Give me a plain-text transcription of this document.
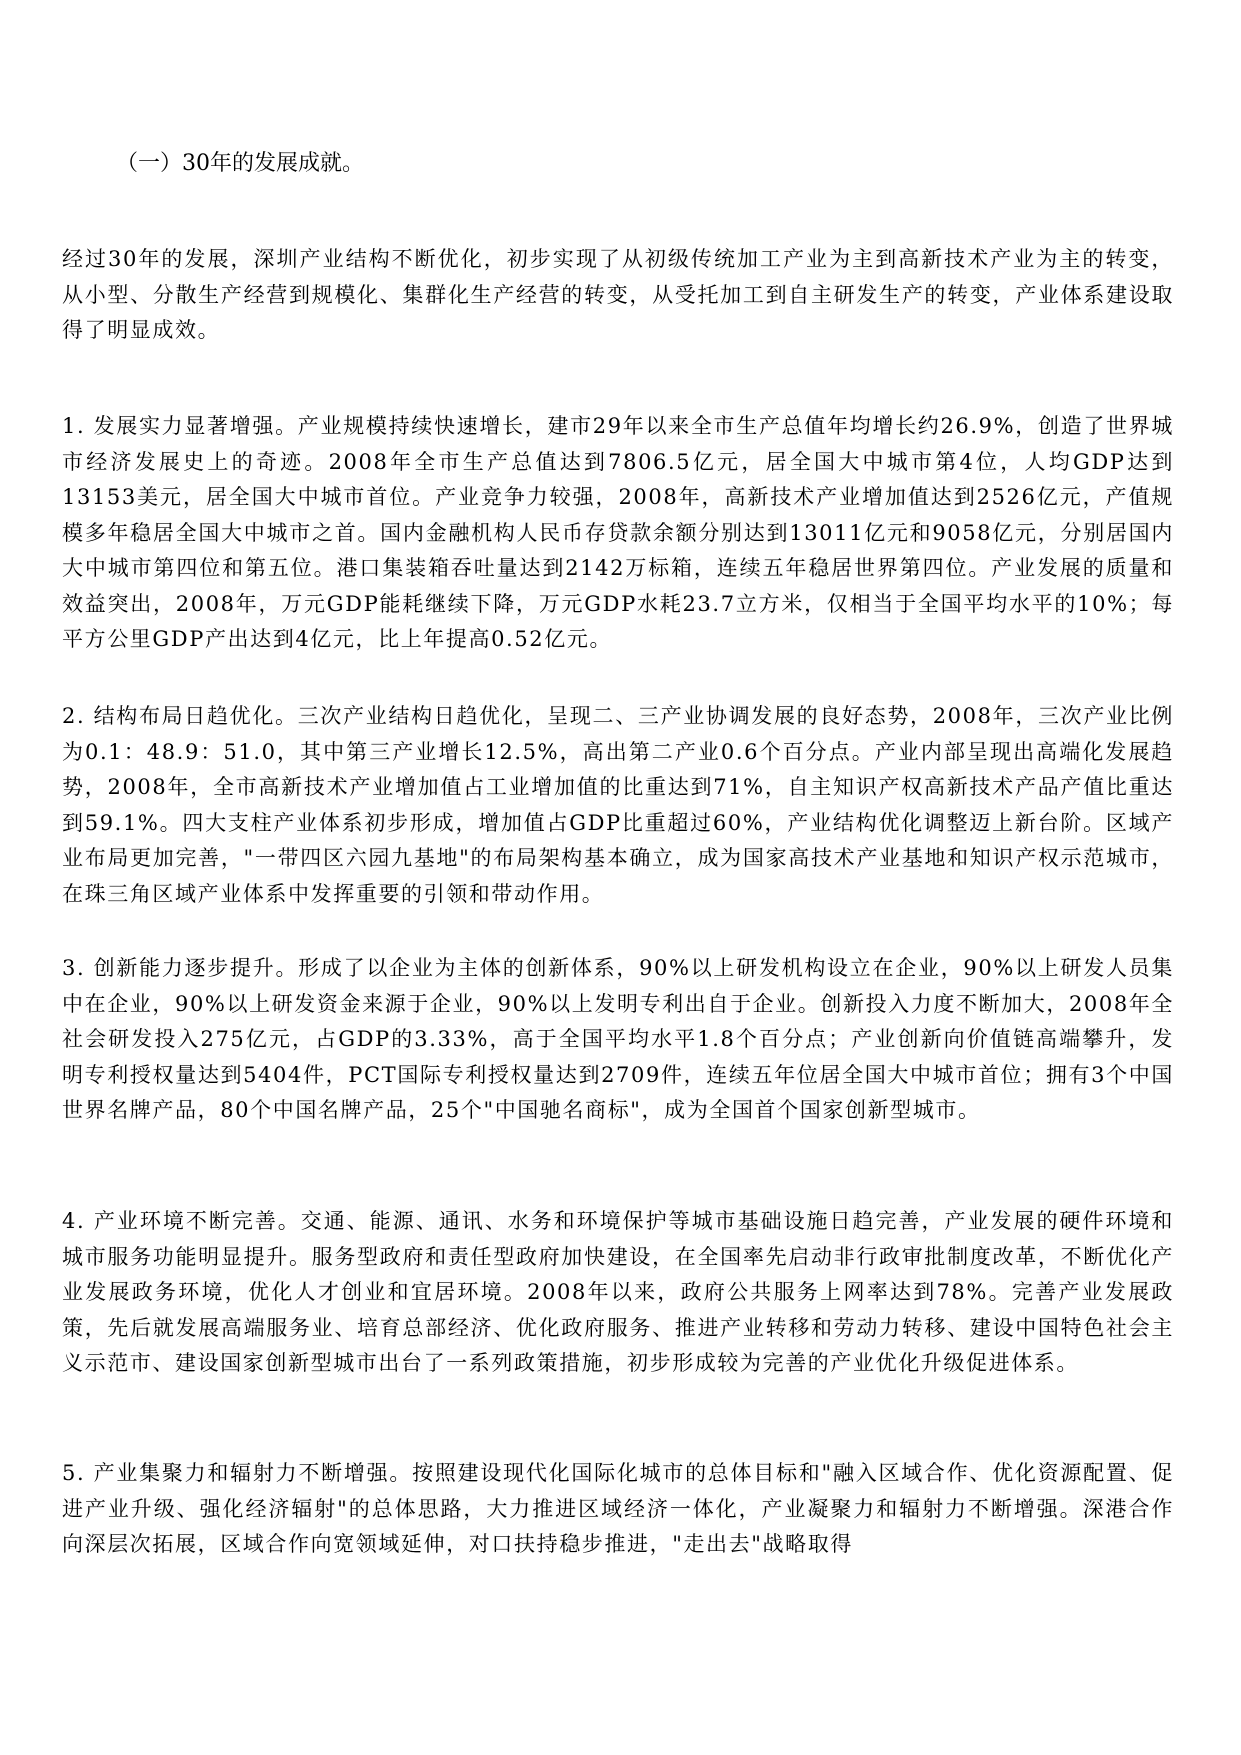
（一）30年的发展成就。

经过30年的发展，深圳产业结构不断优化，初步实现了从初级传统加工产业为主到高新技术产业为主的转变，从小型、分散生产经营到规模化、集群化生产经营的转变，从受托加工到自主研发生产的转变，产业体系建设取得了明显成效。

1. 发展实力显著增强。产业规模持续快速增长，建市29年以来全市生产总值年均增长约26.9%，创造了世界城市经济发展史上的奇迹。2008年全市生产总值达到7806.5亿元，居全国大中城市第4位，人均GDP达到13153美元，居全国大中城市首位。产业竞争力较强，2008年，高新技术产业增加值达到2526亿元，产值规模多年稳居全国大中城市之首。国内金融机构人民币存贷款余额分别达到13011亿元和9058亿元，分别居国内大中城市第四位和第五位。港口集装箱吞吐量达到2142万标箱，连续五年稳居世界第四位。产业发展的质量和效益突出，2008年，万元GDP能耗继续下降，万元GDP水耗23.7立方米，仅相当于全国平均水平的10%；每平方公里GDP产出达到4亿元，比上年提高0.52亿元。

2. 结构布局日趋优化。三次产业结构日趋优化，呈现二、三产业协调发展的良好态势，2008年，三次产业比例为0.1：48.9：51.0，其中第三产业增长12.5%，高出第二产业0.6个百分点。产业内部呈现出高端化发展趋势，2008年，全市高新技术产业增加值占工业增加值的比重达到71%，自主知识产权高新技术产品产值比重达到59.1%。四大支柱产业体系初步形成，增加值占GDP比重超过60%，产业结构优化调整迈上新台阶。区域产业布局更加完善，"一带四区六园九基地"的布局架构基本确立，成为国家高技术产业基地和知识产权示范城市，在珠三角区域产业体系中发挥重要的引领和带动作用。

3. 创新能力逐步提升。形成了以企业为主体的创新体系，90%以上研发机构设立在企业，90%以上研发人员集中在企业，90%以上研发资金来源于企业，90%以上发明专利出自于企业。创新投入力度不断加大，2008年全社会研发投入275亿元，占GDP的3.33%，高于全国平均水平1.8个百分点；产业创新向价值链高端攀升，发明专利授权量达到5404件，PCT国际专利授权量达到2709件，连续五年位居全国大中城市首位；拥有3个中国世界名牌产品，80个中国名牌产品，25个"中国驰名商标"，成为全国首个国家创新型城市。

4. 产业环境不断完善。交通、能源、通讯、水务和环境保护等城市基础设施日趋完善，产业发展的硬件环境和城市服务功能明显提升。服务型政府和责任型政府加快建设，在全国率先启动非行政审批制度改革，不断优化产业发展政务环境，优化人才创业和宜居环境。2008年以来，政府公共服务上网率达到78%。完善产业发展政策，先后就发展高端服务业、培育总部经济、优化政府服务、推进产业转移和劳动力转移、建设中国特色社会主义示范市、建设国家创新型城市出台了一系列政策措施，初步形成较为完善的产业优化升级促进体系。

5. 产业集聚力和辐射力不断增强。按照建设现代化国际化城市的总体目标和"融入区域合作、优化资源配置、促进产业升级、强化经济辐射"的总体思路，大力推进区域经济一体化，产业凝聚力和辐射力不断增强。深港合作向深层次拓展，区域合作向宽领域延伸，对口扶持稳步推进，"走出去"战略取得
